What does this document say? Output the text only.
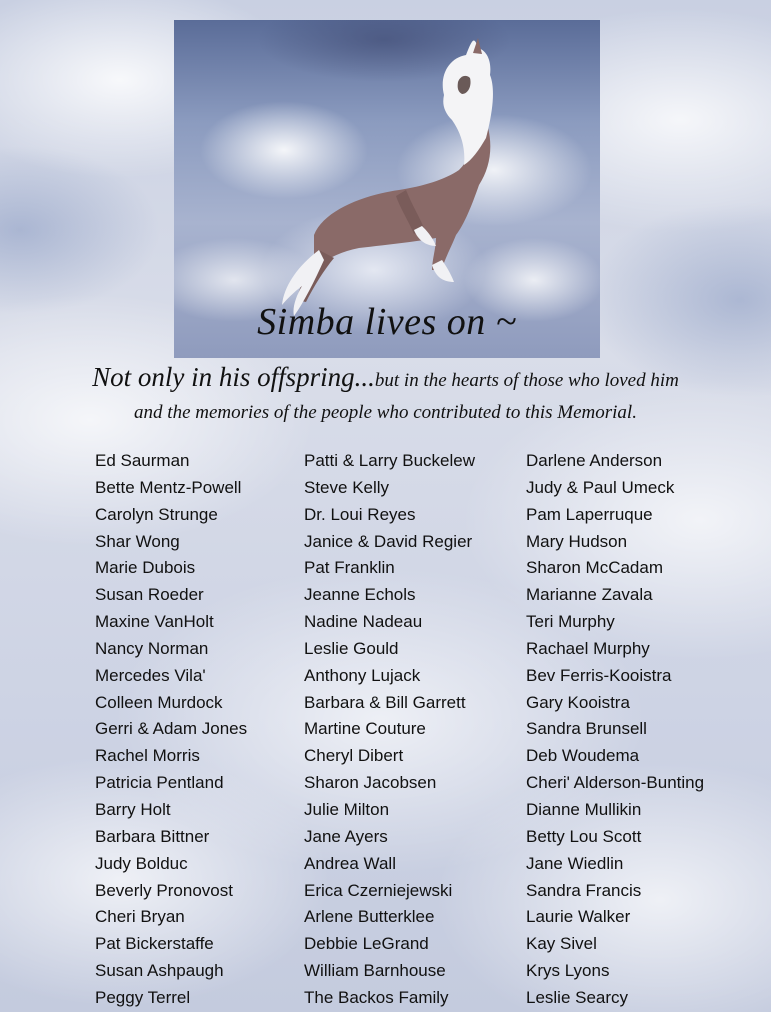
Simba lives on ~
Not only in his offspring...but in the hearts of those who loved him
and the memories of the people who contributed to this Memorial.
Ed Saurman
Bette Mentz-Powell
Carolyn Strunge
Shar Wong
Marie Dubois
Susan Roeder
Maxine VanHolt
Nancy Norman
Mercedes Vila'
Colleen Murdock
Gerri & Adam Jones
Rachel Morris
Patricia Pentland
Barry Holt
Barbara Bittner
Judy Bolduc
Beverly Pronovost
Cheri Bryan
Pat Bickerstaffe
Susan Ashpaugh
Peggy Terrel
Patti & Larry Buckelew
Steve Kelly
Dr. Loui Reyes
Janice & David Regier
Pat Franklin
Jeanne Echols
Nadine Nadeau
Leslie Gould
Anthony Lujack
Barbara & Bill Garrett
Martine Couture
Cheryl Dibert
Sharon Jacobsen
Julie Milton
Jane Ayers
Andrea Wall
Erica Czerniejewski
Arlene Butterklee
Debbie LeGrand
William Barnhouse
The Backos Family
Darlene Anderson
Judy & Paul Umeck
Pam Laperruque
Mary Hudson
Sharon McCadam
Marianne Zavala
Teri Murphy
Rachael Murphy
Bev Ferris-Kooistra
Gary Kooistra
Sandra Brunsell
Deb Woudema
Cheri' Alderson-Bunting
Dianne Mullikin
Betty Lou Scott
Jane Wiedlin
Sandra Francis
Laurie Walker
Kay Sivel
Krys Lyons
Leslie Searcy
